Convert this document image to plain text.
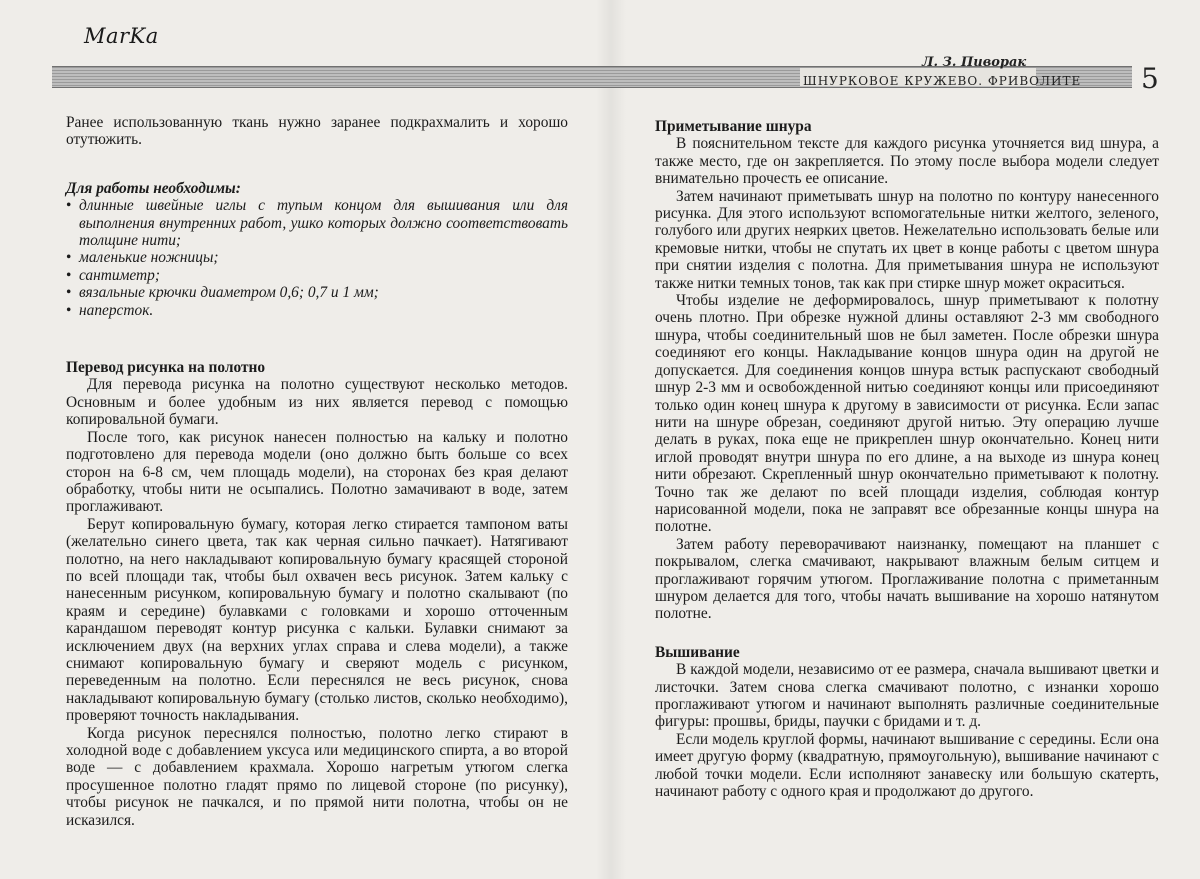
MarKa
Л. З. Пиворак
ШНУРКОВОЕ КРУЖЕВО. ФРИВОЛИТЕ 5

Ранее использованную ткань нужно заранее подкрахмалить и хорошо отутюжить.

Для работы необходимы:
• длинные швейные иглы с тупым концом для вышивания или для выполнения внутренних работ, ушко которых должно соответствовать толщине нити;
• маленькие ножницы;
• сантиметр;
• вязальные крючки диаметром 0,6; 0,7 и 1 мм;
• наперсток.
Перевод рисунка на полотно

Для перевода рисунка на полотно существуют несколько методов. Основным и более удобным из них является перевод с помощью копировальной бумаги.

После того, как рисунок нанесен полностью на кальку и полотно подготовлено для перевода модели (оно должно быть больше со всех сторон на 6-8 см, чем площадь модели), на сторонах без края делают обработку, чтобы нити не осыпались. Полотно замачивают в воде, затем проглаживают.

Берут копировальную бумагу, которая легко стирается тампоном ваты (желательно синего цвета, так как черная сильно пачкает). Натягивают полотно, на него накладывают копировальную бумагу красящей стороной по всей площади так, чтобы был охвачен весь рисунок. Затем кальку с нанесенным рисунком, копировальную бумагу и полотно скалывают (по краям и середине) булавками с головками и хорошо отточенным карандашом переводят контур рисунка с кальки. Булавки снимают за исключением двух (на верхних углах справа и слева модели), а также снимают копировальную бумагу и сверяют модель с рисунком, переведенным на полотно. Если переснялся не весь рисунок, снова накладывают копировальную бумагу (столько листов, сколько необходимо), проверяют точность накладывания.

Когда рисунок переснялся полностью, полотно легко стирают в холодной воде с добавлением уксуса или медицинского спирта, а во второй воде — с добавлением крахмала. Хорошо нагретым утюгом слегка просушенное полотно гладят прямо по лицевой стороне (по рисунку), чтобы рисунок не пачкался, и по прямой нити полотна, чтобы он не исказился.

Приметывание шнура

В пояснительном тексте для каждого рисунка уточняется вид шнура, а также место, где он закрепляется. По этому после выбора модели следует внимательно прочесть ее описание.

Затем начинают приметывать шнур на полотно по контуру нанесенного рисунка. Для этого используют вспомогательные нитки желтого, зеленого, голубого или других неярких цветов. Нежелательно использовать белые или кремовые нитки, чтобы не спутать их цвет в конце работы с цветом шнура при снятии изделия с полотна. Для приметывания шнура не используют также нитки темных тонов, так как при стирке шнур может окраситься.

Чтобы изделие не деформировалось, шнур приметывают к полотну очень плотно. При обрезке нужной длины оставляют 2-3 мм свободного шнура, чтобы соединительный шов не был заметен. После обрезки шнура соединяют его концы. Накладывание концов шнура один на другой не допускается. Для соединения концов шнура встык распускают свободный шнур 2-3 мм и освобожденной нитью соединяют концы или присоединяют только один конец шнура к другому в зависимости от рисунка. Если запас нити на шнуре обрезан, соединяют другой нитью. Эту операцию лучше делать в руках, пока еще не прикреплен шнур окончательно. Конец нити иглой проводят внутри шнура по его длине, а на выходе из шнура конец нити обрезают. Скрепленный шнур окончательно приметывают к полотну. Точно так же делают по всей площади изделия, соблюдая контур нарисованной модели, пока не заправят все обрезанные концы шнура на полотне.

Затем работу переворачивают наизнанку, помещают на планшет с покрывалом, слегка смачивают, накрывают влажным белым ситцем и проглаживают горячим утюгом. Проглаживание полотна с приметанным шнуром делается для того, чтобы начать вышивание на хорошо натянутом полотне.

Вышивание

В каждой модели, независимо от ее размера, сначала вышивают цветки и листочки. Затем снова слегка смачивают полотно, с изнанки хорошо проглаживают утюгом и начинают выполнять различные соединительные фигуры: прошвы, бриды, паучки с бридами и т. д.

Если модель круглой формы, начинают вышивание с середины. Если она имеет другую форму (квадратную, прямоугольную), вышивание начинают с любой точки модели. Если исполняют занавеску или большую скатерть, начинают работу с одного края и продолжают до другого.
